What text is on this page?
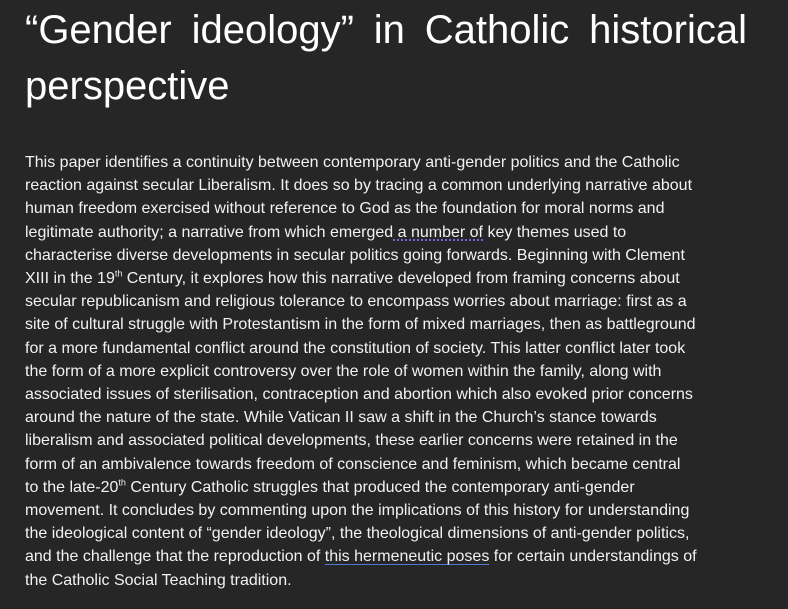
“Gender ideology” in Catholic historical perspective
This paper identifies a continuity between contemporary anti-gender politics and the Catholic
reaction against secular Liberalism. It does so by tracing a common underlying narrative about
human freedom exercised without reference to God as the foundation for moral norms and
legitimate authority; a narrative from which emerged a number of key themes used to
characterise diverse developments in secular politics going forwards. Beginning with Clement
XIII in the 19th Century, it explores how this narrative developed from framing concerns about
secular republicanism and religious tolerance to encompass worries about marriage: first as a
site of cultural struggle with Protestantism in the form of mixed marriages, then as battleground
for a more fundamental conflict around the constitution of society. This latter conflict later took
the form of a more explicit controversy over the role of women within the family, along with
associated issues of sterilisation, contraception and abortion which also evoked prior concerns
around the nature of the state. While Vatican II saw a shift in the Church’s stance towards
liberalism and associated political developments, these earlier concerns were retained in the
form of an ambivalence towards freedom of conscience and feminism, which became central
to the late-20th Century Catholic struggles that produced the contemporary anti-gender
movement. It concludes by commenting upon the implications of this history for understanding
the ideological content of “gender ideology”, the theological dimensions of anti-gender politics,
and the challenge that the reproduction of this hermeneutic poses for certain understandings of
the Catholic Social Teaching tradition.
